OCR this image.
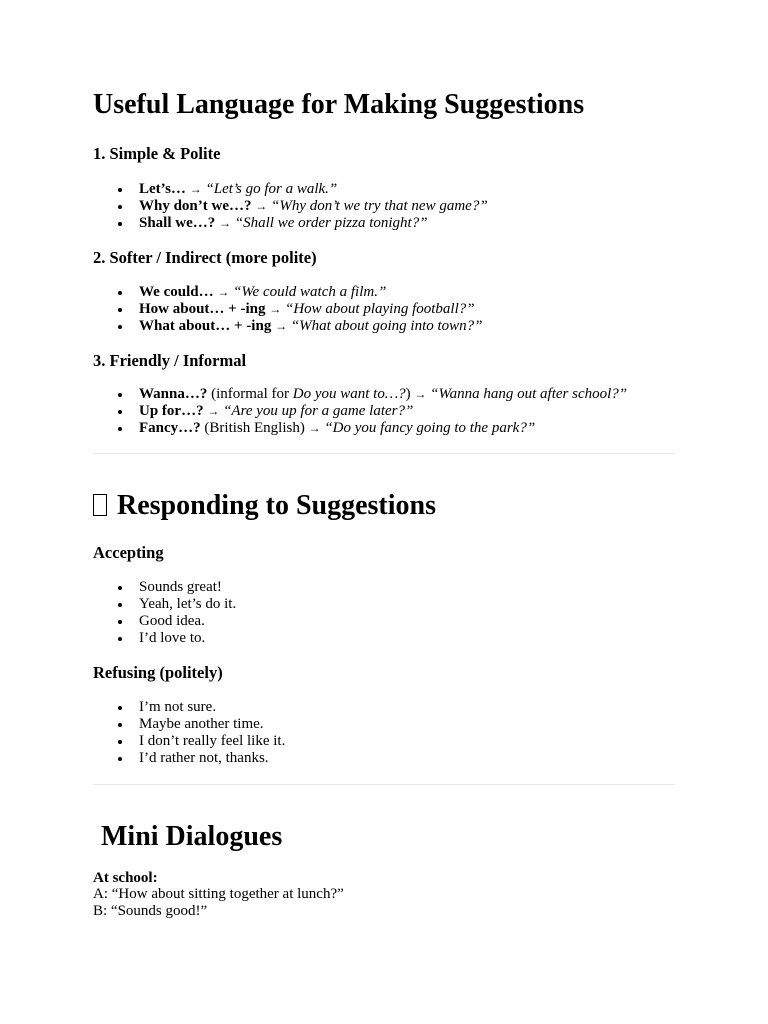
Useful Language for Making Suggestions
1. Simple & Polite
Let’s… → “Let’s go for a walk.”
Why don’t we…? → “Why don’t we try that new game?”
Shall we…? → “Shall we order pizza tonight?”
2. Softer / Indirect (more polite)
We could… → “We could watch a film.”
How about… + -ing → “How about playing football?”
What about… + -ing → “What about going into town?”
3. Friendly / Informal
Wanna…? (informal for Do you want to…?) → “Wanna hang out after school?”
Up for…? → “Are you up for a game later?”
Fancy…? (British English) → “Do you fancy going to the park?”
Responding to Suggestions
Accepting
Sounds great!
Yeah, let’s do it.
Good idea.
I’d love to.
Refusing (politely)
I’m not sure.
Maybe another time.
I don’t really feel like it.
I’d rather not, thanks.
Mini Dialogues
At school:
A: “How about sitting together at lunch?”
B: “Sounds good!”
